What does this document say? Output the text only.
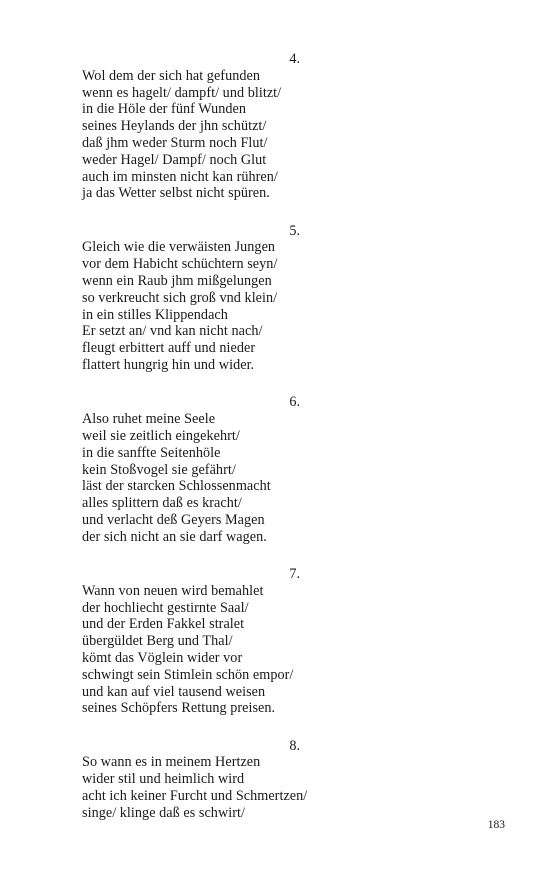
4.
Wol dem der sich hat gefunden
wenn es hagelt/ dampft/ und blitzt/
in die Höle der fünf Wunden
seines Heylands der jhn schützt/
daß jhm weder Sturm noch Flut/
weder Hagel/ Dampf/ noch Glut
auch im minsten nicht kan rühren/
ja das Wetter selbst nicht spüren.
5.
Gleich wie die verwäisten Jungen
vor dem Habicht schüchtern seyn/
wenn ein Raub jhm mißgelungen
so verkreucht sich groß vnd klein/
in ein stilles Klippendach
Er setzt an/ vnd kan nicht nach/
fleugt erbittert auff und nieder
flattert hungrig hin und wider.
6.
Also ruhet meine Seele
weil sie zeitlich eingekehrt/
in die sanffte Seitenhöle
kein Stoßvogel sie gefährt/
läst der starcken Schlossenmacht
alles splittern daß es kracht/
und verlacht deß Geyers Magen
der sich nicht an sie darf wagen.
7.
Wann von neuen wird bemahlet
der hochliecht gestirnte Saal/
und der Erden Fakkel stralet
übergüldet Berg und Thal/
kömt das Vöglein wider vor
schwingt sein Stimlein schön empor/
und kan auf viel tausend weisen
seines Schöpfers Rettung preisen.
8.
So wann es in meinem Hertzen
wider stil und heimlich wird
acht ich keiner Furcht und Schmertzen/
singe/ klinge daß es schwirt/
183
